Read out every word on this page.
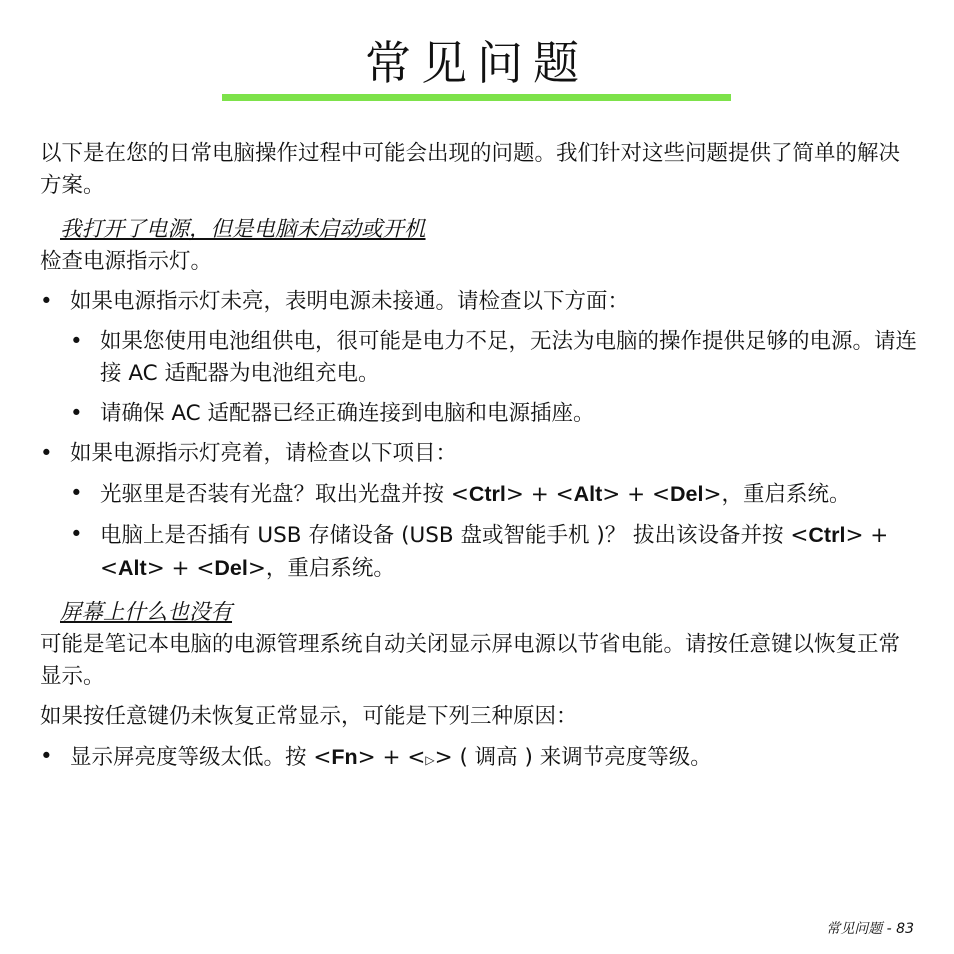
常见问题

以下是在您的日常电脑操作过程中可能会出现的问题。我们针对这些问题提供了简单的解决方案。

我打开了电源，但是电脑未启动或开机

检查电源指示灯。

• 如果电源指示灯未亮，表明电源未接通。请检查以下方面：
• 如果您使用电池组供电，很可能是电力不足，无法为电脑的操作提供足够的电源。请连接 AC 适配器为电池组充电。
• 请确保 AC 适配器已经正确连接到电脑和电源插座。
• 如果电源指示灯亮着，请检查以下项目：
• 光驱里是否装有光盘？取出光盘并按 <Ctrl> + <Alt> + <Del>，重启系统。
• 电脑上是否插有 USB 存储设备 (USB 盘或智能手机 )？ 拔出该设备并按 <Ctrl> + <Alt> + <Del>，重启系统。

屏幕上什么也没有

可能是笔记本电脑的电源管理系统自动关闭显示屏电源以节省电能。请按任意键以恢复正常显示。

如果按任意键仍未恢复正常显示，可能是下列三种原因：

• 显示屏亮度等级太低。按 <Fn> + <▷> ( 调高 ) 来调节亮度等级。
常见问题 - 83
